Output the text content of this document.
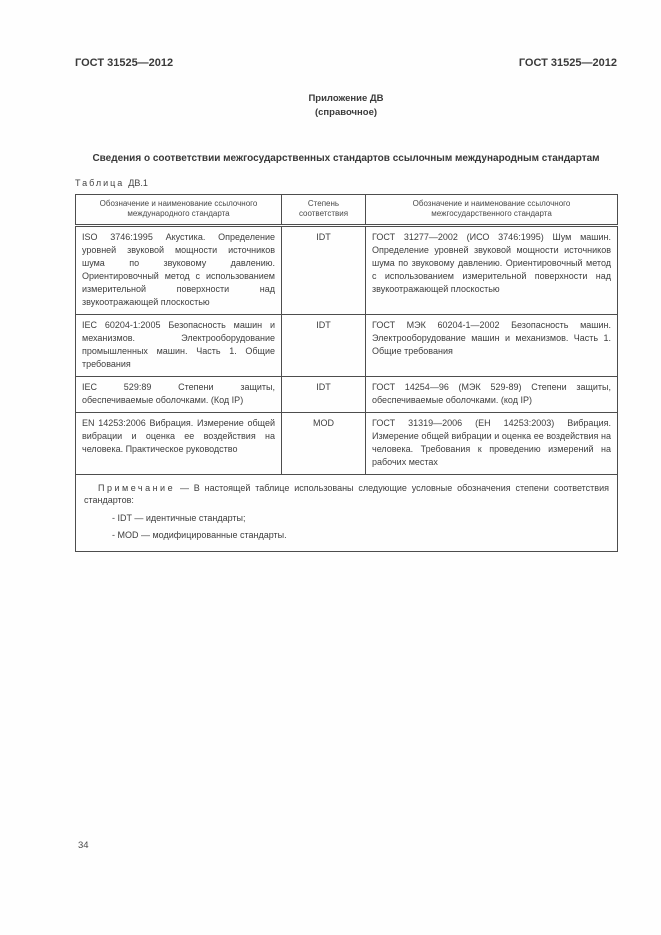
ГОСТ 31525—2012	ГОСТ 31525—2012
Приложение ДВ
(справочное)
Сведения о соответствии межгосударственных стандартов ссылочным международным стандартам
Таблица ДВ.1
Обозначение и наименование ссылочного международного стандарта	Степень соответствия	Обозначение и наименование ссылочного межгосударственного стандарта
ISO 3746:1995 Акустика. Определение уровней звуковой мощности источников шума по звуковому давлению. Ориентировочный метод с использованием измерительной поверхности над звукоотражающей плоскостью	IDT	ГОСТ 31277—2002 (ИСО 3746:1995) Шум машин. Определение уровней звуковой мощности источников шума по звуковому давлению. Ориентировочный метод с использованием измерительной поверхности над звукоотражающей плоскостью
IEC 60204-1:2005 Безопасность машин и механизмов. Электрооборудование промышленных машин. Часть 1. Общие требования	IDT	ГОСТ МЭК 60204-1—2002 Безопасность машин. Электрооборудование машин и механизмов. Часть 1. Общие требования
IEC 529:89 Степени защиты, обеспечиваемые оболочками. (Код IP)	IDT	ГОСТ 14254—96 (МЭК 529-89) Степени защиты, обеспечиваемые оболочками. (код IP)
EN 14253:2006 Вибрация. Измерение общей вибрации и оценка ее воздействия на человека. Практическое руководство	MOD	ГОСТ 31319—2006 (ЕН 14253:2003) Вибрация. Измерение общей вибрации и оценка ее воздействия на человека. Требования к проведению измерений на рабочих местах

Примечание — В настоящей таблице использованы следующие условные обозначения степени соответствия стандартов:

- IDT — идентичные стандарты;

- MOD — модифицированные стандарты.		

34
